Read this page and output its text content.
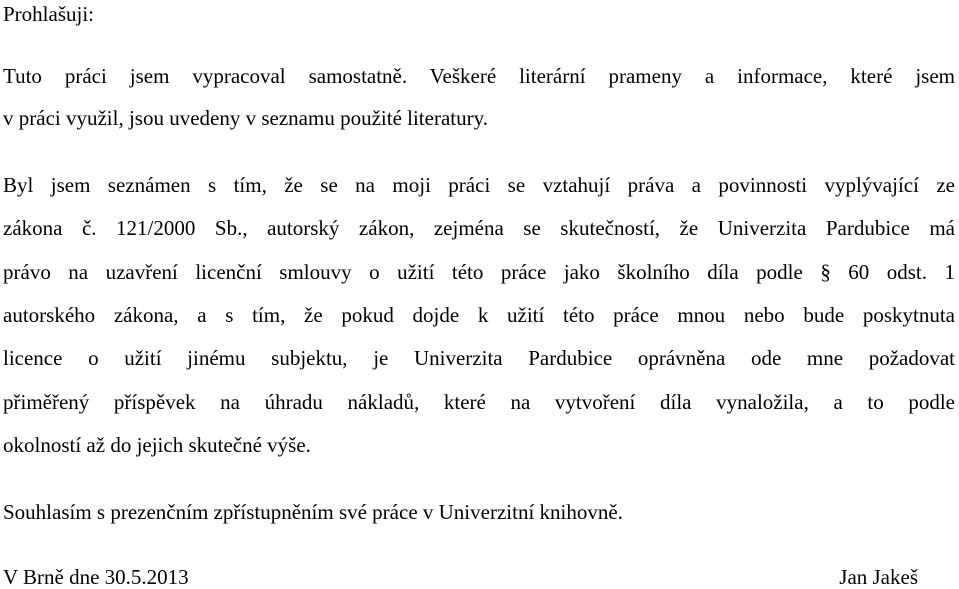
Prohlašuji:
Tuto práci jsem vypracoval samostatně. Veškeré literární prameny a informace, které jsem
v práci využil, jsou uvedeny v seznamu použité literatury.
Byl jsem seznámen s tím, že se na moji práci se vztahují práva a povinnosti vyplývající ze
zákona č. 121/2000 Sb., autorský zákon, zejména se skutečností, že Univerzita Pardubice má
právo na uzavření licenční smlouvy o užití této práce jako školního díla podle § 60 odst. 1
autorského zákona, a s tím, že pokud dojde k užití této práce mnou nebo bude poskytnuta
licence o užití jinému subjektu, je Univerzita Pardubice oprávněna ode mne požadovat
přiměřený příspěvek na úhradu nákladů, které na vytvoření díla vynaložila, a to podle
okolností až do jejich skutečné výše.
Souhlasím s prezenčním zpřístupněním své práce v Univerzitní knihovně.
V Brně dne 30.5.2013	Jan Jakeš
